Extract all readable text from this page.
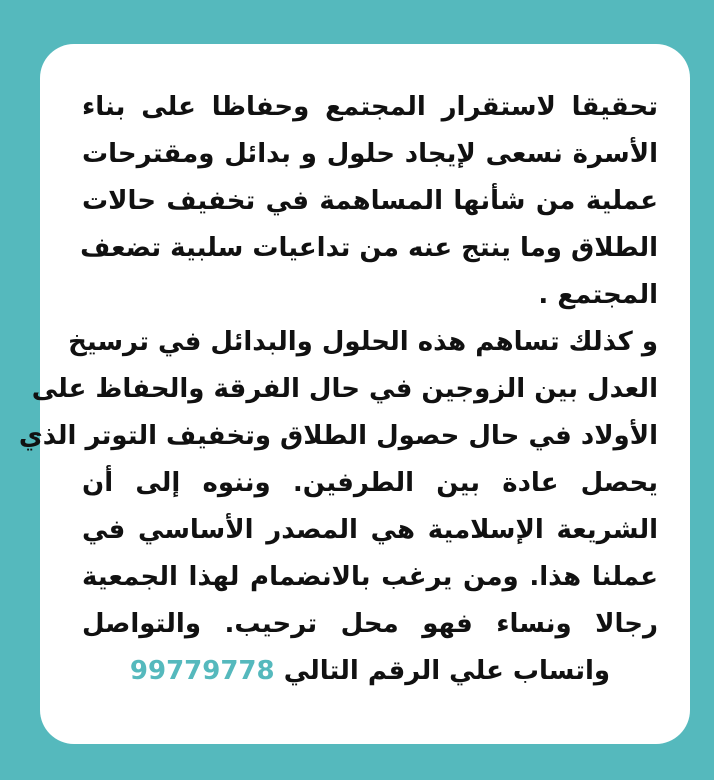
تحقيقا لاستقرار المجتمع وحفاظا على بناء
الأسرة نسعى لإيجاد حلول و بدائل ومقترحات
عملية من شأنها المساهمة في تخفيف حالات
الطلاق وما ينتج عنه من تداعيات سلبية تضعف
المجتمع .
و كذلك تساهم هذه الحلول والبدائل في ترسيخ
العدل بين الزوجين في حال الفرقة والحفاظ على
الأولاد في حال حصول الطلاق وتخفيف التوتر الذي
يحصل عادة بين الطرفين. وننوه إلى أن
الشريعة الإسلامية هي المصدر الأساسي في
عملنا هذا. ومن يرغب بالانضمام لهذا الجمعية
رجالا ونساء فهو محل ترحيب. والتواصل
واتساب علي الرقم التالي 99779778
